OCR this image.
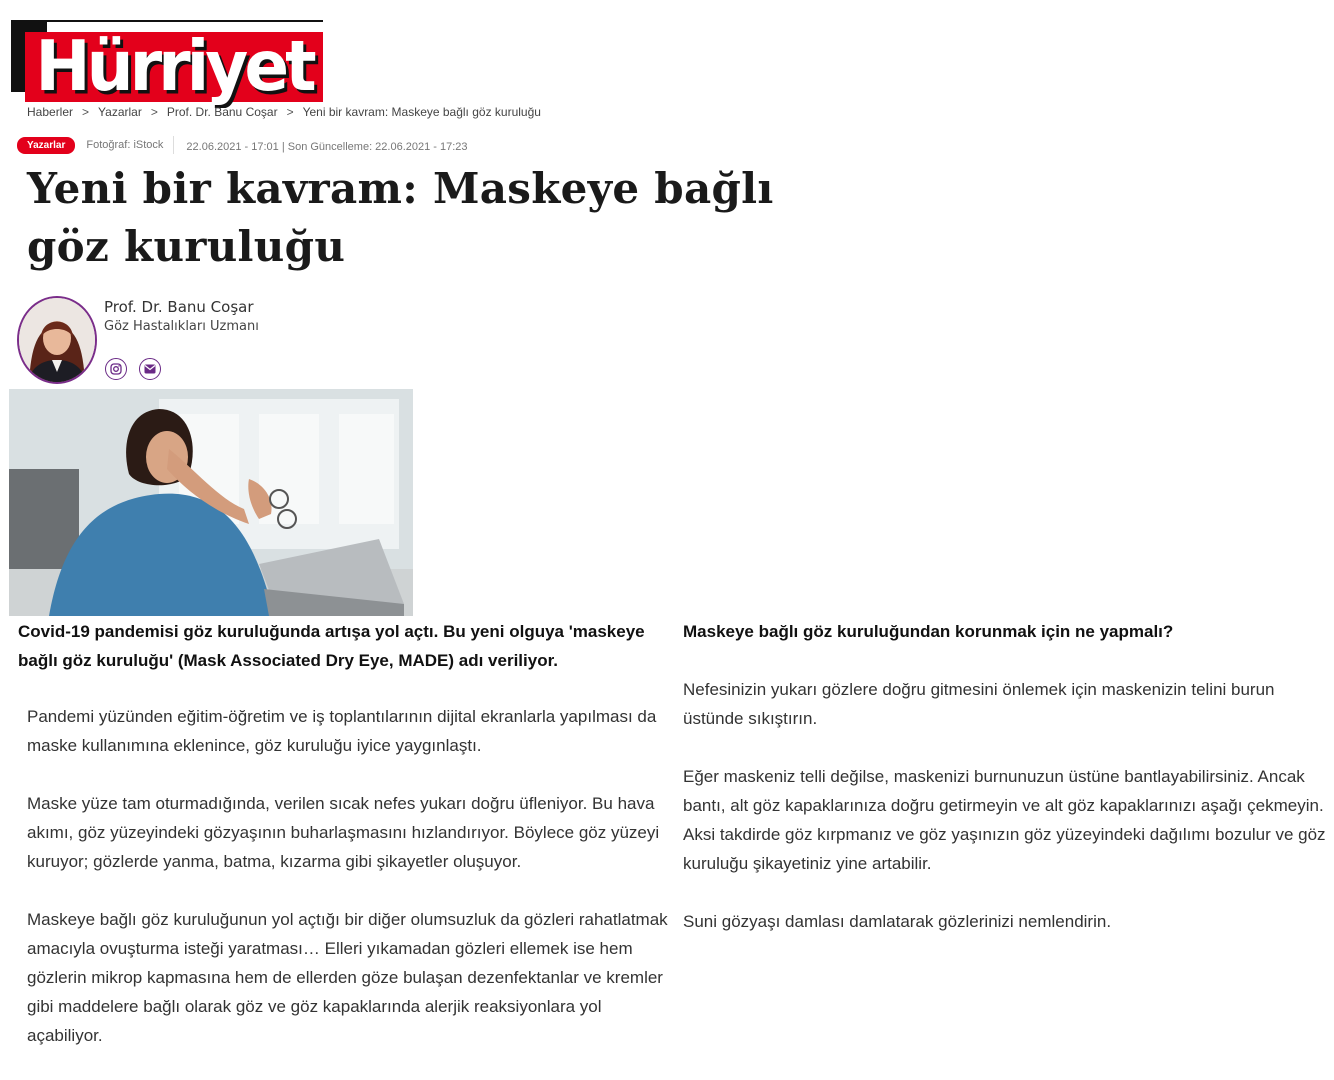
Hürriyet
Haberler > Yazarlar > Prof. Dr. Banu Coşar > Yeni bir kavram: Maskeye bağlı göz kuruluğu
Yazarlar	Fotoğraf: iStock 22.06.2021 - 17:01 | Son Güncelleme: 22.06.2021 - 17:23
Yeni bir kavram: Maskeye bağlı göz kuruluğu
Prof. Dr. Banu Coşar
Göz Hastalıkları Uzmanı

Covid-19 pandemisi göz kuruluğunda artışa yol açtı. Bu yeni olguya 'maskeye bağlı göz kuruluğu' (Mask Associated Dry Eye, MADE) adı veriliyor.

Pandemi yüzünden eğitim-öğretim ve iş toplantılarının dijital ekranlarla yapılması da maske kullanımına eklenince, göz kuruluğu iyice yaygınlaştı.

Maske yüze tam oturmadığında, verilen sıcak nefes yukarı doğru üfleniyor. Bu hava akımı, göz yüzeyindeki gözyaşının buharlaşmasını hızlandırıyor. Böylece göz yüzeyi kuruyor; gözlerde yanma, batma, kızarma gibi şikayetler oluşuyor.

Maskeye bağlı göz kuruluğunun yol açtığı bir diğer olumsuzluk da gözleri rahatlatmak amacıyla ovuşturma isteği yaratması… Elleri yıkamadan gözleri ellemek ise hem gözlerin mikrop kapmasına hem de ellerden göze bulaşan dezenfektanlar ve kremler gibi maddelere bağlı olarak göz ve göz kapaklarında alerjik reaksiyonlara yol açabiliyor.

Maskeye bağlı göz kuruluğundan korunmak için ne yapmalı?

Nefesinizin yukarı gözlere doğru gitmesini önlemek için maskenizin telini burun üstünde sıkıştırın.

Eğer maskeniz telli değilse, maskenizi burnunuzun üstüne bantlayabilirsiniz. Ancak bantı, alt göz kapaklarınıza doğru getirmeyin ve alt göz kapaklarınızı aşağı çekmeyin. Aksi takdirde göz kırpmanız ve göz yaşınızın göz yüzeyindeki dağılımı bozulur ve göz kuruluğu şikayetiniz yine artabilir.

Suni gözyaşı damlası damlatarak gözlerinizi nemlendirin.
